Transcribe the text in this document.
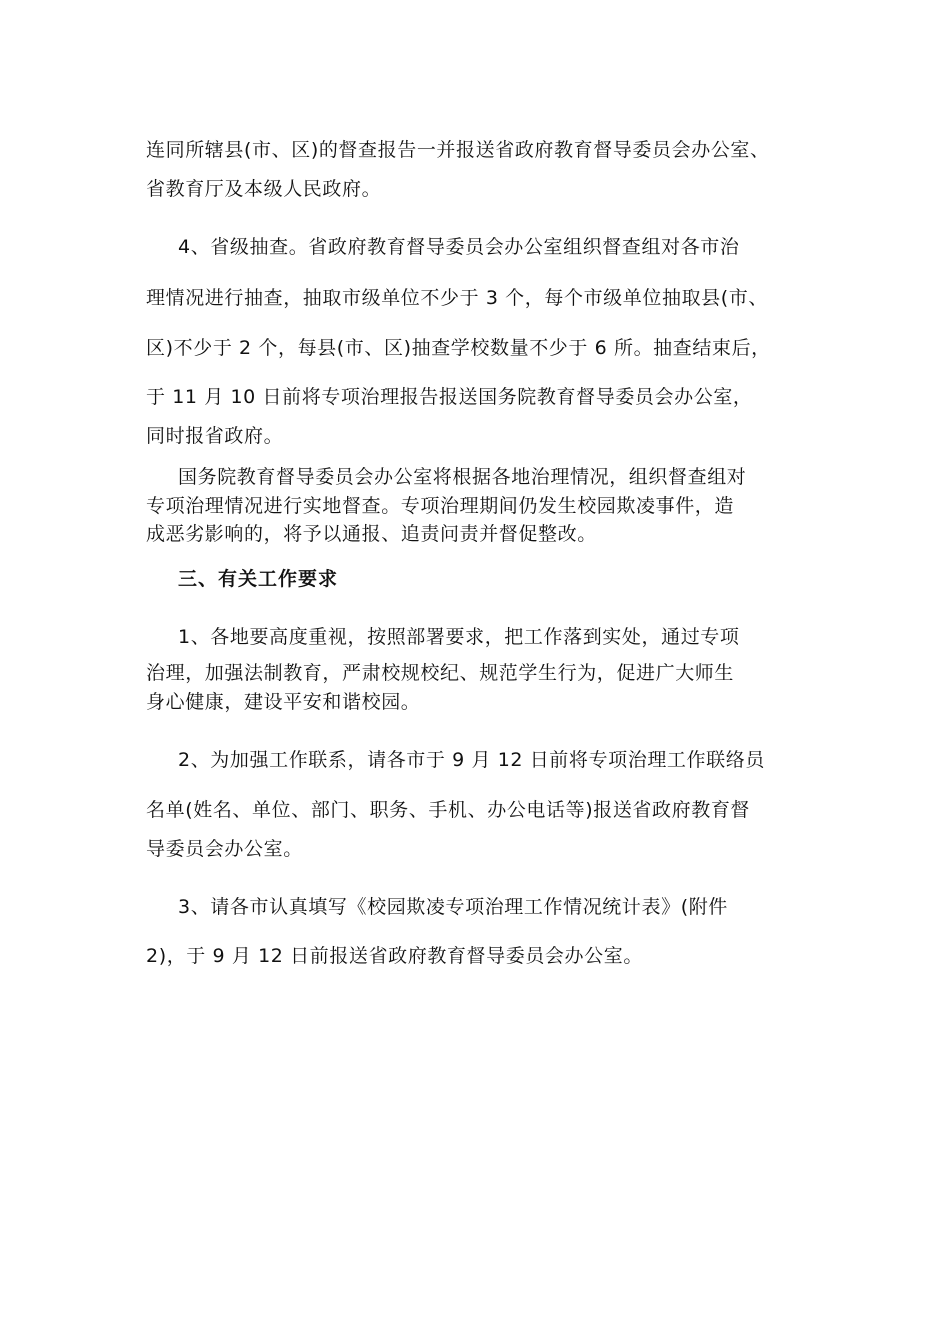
连同所辖县(市、区)的督查报告一并报送省政府教育督导委员会办公室、
省教育厅及本级人民政府。
4、省级抽查。省政府教育督导委员会办公室组织督查组对各市治
理情况进行抽查，抽取市级单位不少于 3 个，每个市级单位抽取县(市、
区)不少于 2 个，每县(市、区)抽查学校数量不少于 6 所。抽查结束后，
于 11 月 10 日前将专项治理报告报送国务院教育督导委员会办公室，
同时报省政府。
国务院教育督导委员会办公室将根据各地治理情况，组织督查组对
专项治理情况进行实地督查。专项治理期间仍发生校园欺凌事件，造
成恶劣影响的，将予以通报、追责问责并督促整改。
三、有关工作要求
1、各地要高度重视，按照部署要求，把工作落到实处，通过专项
治理，加强法制教育，严肃校规校纪、规范学生行为，促进广大师生
身心健康，建设平安和谐校园。
2、为加强工作联系，请各市于 9 月 12 日前将专项治理工作联络员
名单(姓名、单位、部门、职务、手机、办公电话等)报送省政府教育督
导委员会办公室。
3、请各市认真填写《校园欺凌专项治理工作情况统计表》(附件
2)，于 9 月 12 日前报送省政府教育督导委员会办公室。
